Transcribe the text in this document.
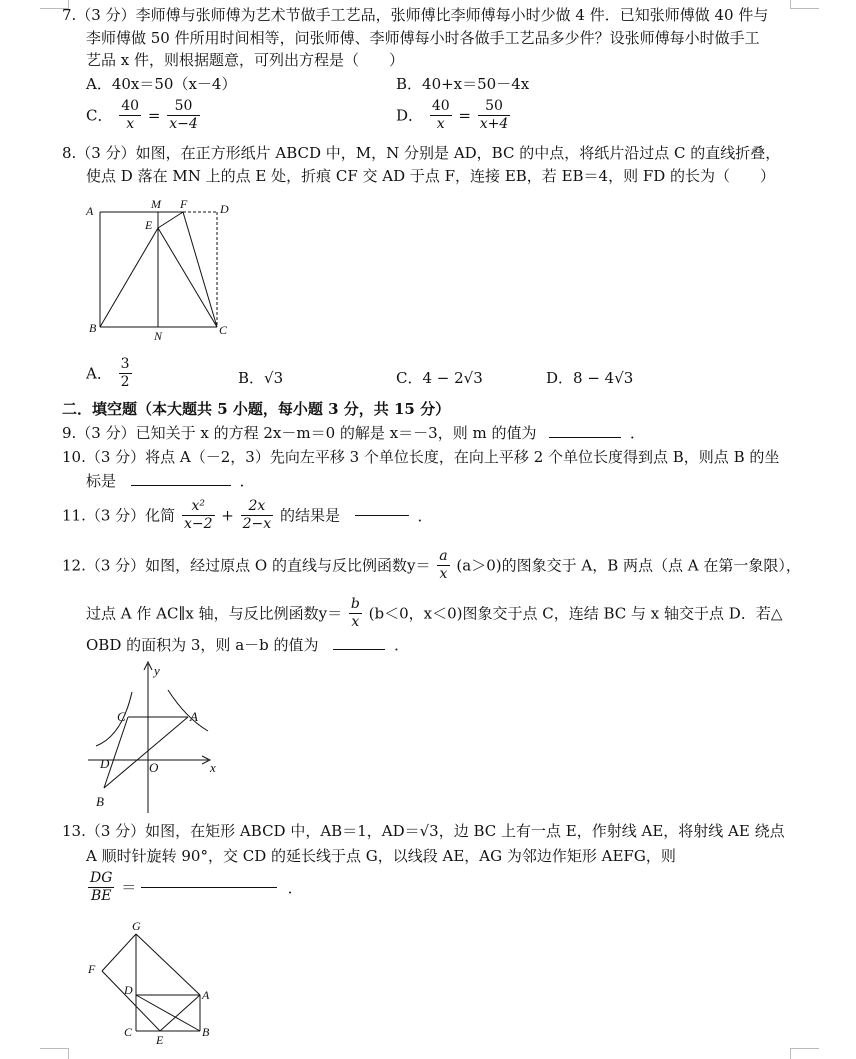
7.（3 分）李师傅与张师傅为艺术节做手工艺品，张师傅比李师傅每小时少做 4 件．已知张师傅做 40 件与
李师傅做 50 件所用时间相等，问张师傅、李师傅每小时各做手工艺品多少件？设张师傅每小时做手工
艺品 x 件，则根据题意，可列出方程是（　　）
A．40x＝50（x－4）	B．40+x＝50－4x
C． $\frac{40}{x} = \frac{50}{x-4}$	D． $\frac{40}{x} = \frac{50}{x+4}$
8.（3 分）如图，在正方形纸片 ABCD 中，M，N 分别是 AD，BC 的中点，将纸片沿过点 C 的直线折叠，
使点 D 落在 MN 上的点 E 处，折痕 CF 交 AD 于点 F，连接 EB，若 EB＝4，则 FD 的长为（　　）
A	M F	D
E
B
N	C
A． $\frac{3}{2}$	B．√3	C．4 − 2√3	D．8 − 4√3
二．填空题（本大题共 5 小题，每小题 3 分，共 15 分）
9.（3 分）已知关于 x 的方程 2x－m＝0 的解是 x＝－3，则 m 的值为	．
10.（3 分）将点 A（－2，3）先向左平移 3 个单位长度，在向上平移 2 个单位长度得到点 B，则点 B 的坐
标是	．
11.（3 分）化简 $\frac{\text{x²}}{x-2} + \frac{2x}{2-x}$ 的结果是	．
12.（3 分）如图，经过原点 O 的直线与反比例函数$y= \frac{a}{x} (a>0)$的图象交于 A，B 两点（点 A 在第一象限），
过点 A 作 AC∥x 轴，与反比例函数$y= \frac{b}{x} (b<0$，x＜0)图象交于点 C，连结 BC 与 x 轴交于点 D．若△
OBD 的面积为 3，则 a－b 的值为	．
y
x
C	A
D	O
B
13.（3 分）如图，在矩形 ABCD 中，AB＝1，AD＝√3，边 BC 上有一点 E，作射线 AE，将射线 AE 绕点
A 顺时针旋转 90°，交 CD 的延长线于点 G，以线段 AE，AG 为邻边作矩形 AEFG，则
$\frac{DG}{BE}$ ＝	．
G
F
D	A
C
E
B
